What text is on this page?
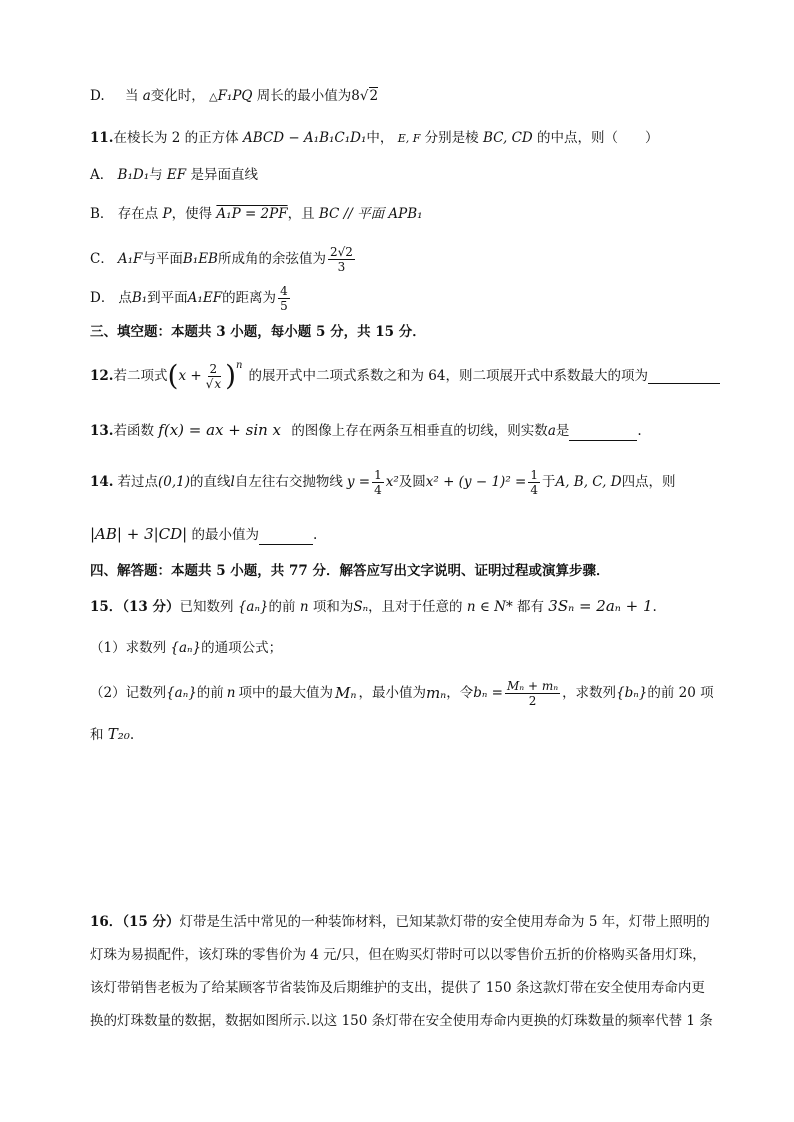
D. 当 a变化时， △F₁PQ 周长的最小值为8√2
11.在棱长为 2 的正方体 ABCD − A₁B₁C₁D₁中， E, F 分别是棱 BC, CD 的中点，则（　　）
A． B₁D₁与 EF 是异面直线
B． 存在点 P，使得 A₁P = 2PF，且 BC // 平面 APB₁
C． A₁F 与平面 B₁EB 所成角的余弦值为 $\frac{2√2}{3}$
D． 点 B₁ 到平面 A₁EF 的距离为 $\frac{4}{5}$
三、填空题：本题共 3 小题，每小题 5 分，共 15 分．
12. 若二项式 ( $x + \frac{2}{√x} )^n$
的展开式中二项式系数之和为 64，则二项展开式中系数最大的项为
13.若函数 f(x) = ax + sin x 的图像上存在两条互相垂直的切线，则实数a是	.
14. 若过点 (0,1) 的直线 l 自左往右交抛物线 $y = \frac{1}{4} x^2$ 及圆 $x^2 + (y - 1)^2 = \frac{1}{4}$ 于 A, B, C, D 四点，则
|AB| + 3|CD| 的最小值为	.
四、解答题：本题共 5 小题，共 77 分．解答应写出文字说明、证明过程或演算步骤．
15．（13 分）已知数列 {aₙ}的前 n 项和为Sₙ，且对于任意的 n ∈ N* 都有 3Sₙ = 2aₙ + 1.
（1）求数列 {aₙ}的通项公式；
（2）记数列 {aₙ} 的前 n 项中的最大值为 Mₙ ，最小值为 mₙ ，令 $b_n = \frac{\text{Mₙ + mₙ}}{2}$ ，求数列 {bₙ} 的前 20 项
和 T₂₀.
16．（15 分）灯带是生活中常见的一种装饰材料，已知某款灯带的安全使用寿命为 5 年，灯带上照明的
灯珠为易损配件，该灯珠的零售价为 4 元/只，但在购买灯带时可以以零售价五折的价格购买备用灯珠，
该灯带销售老板为了给某顾客节省装饰及后期维护的支出，提供了 150 条这款灯带在安全使用寿命内更
换的灯珠数量的数据，数据如图所示.以这 150 条灯带在安全使用寿命内更换的灯珠数量的频率代替 1 条
